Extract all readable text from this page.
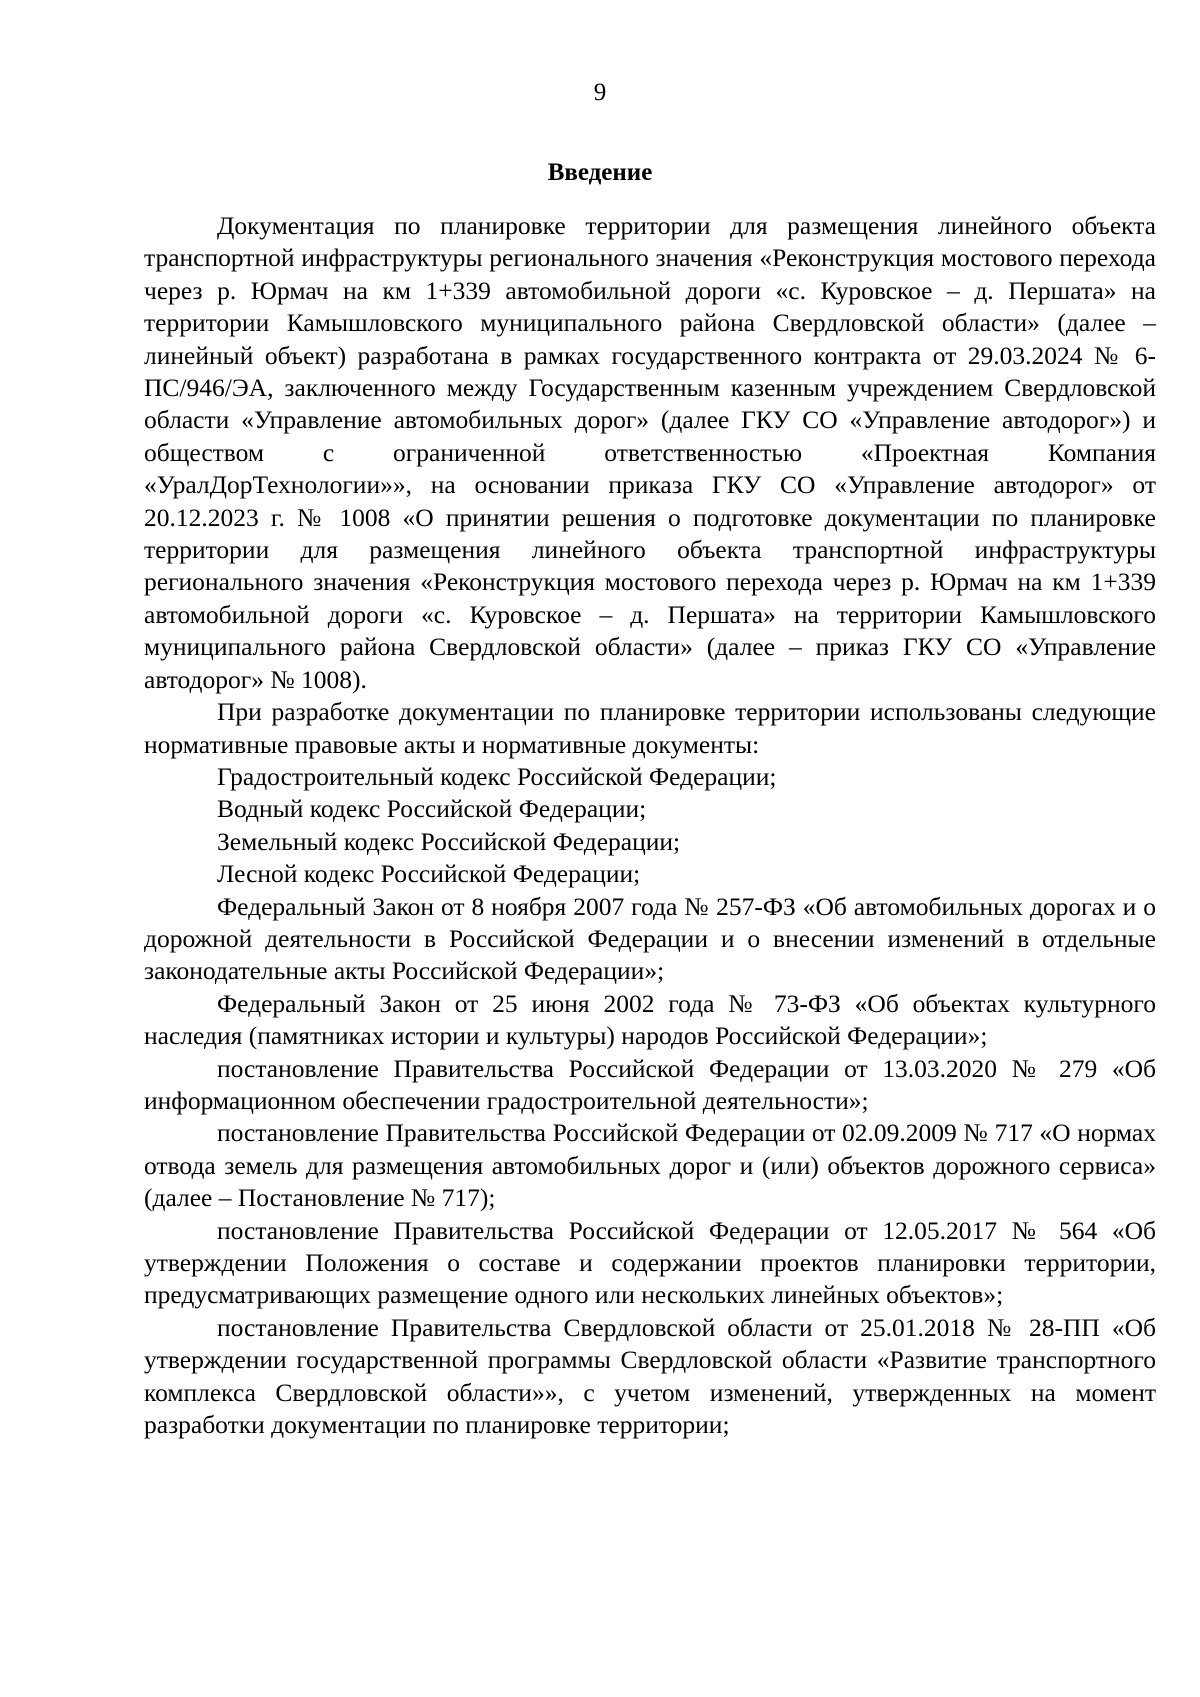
9
Введение

Документация по планировке территории для размещения линейного объекта транспортной инфраструктуры регионального значения «Реконструкция мостового перехода через р. Юрмач на км 1+339 автомобильной дороги «с. Куровское – д. Першата» на территории Камышловского муниципального района Свердловской области» (далее – линейный объект) разработана в рамках государственного контракта от 29.03.2024 № 6-ПС/946/ЭА, заключенного между Государственным казенным учреждением Свердловской области «Управление автомобильных дорог» (далее ГКУ СО «Управление автодорог») и обществом с ограниченной ответственностью «Проектная Компания «УралДорТехнологии»», на основании приказа ГКУ СО «Управление автодорог» от 20.12.2023 г. № 1008 «О принятии решения о подготовке документации по планировке территории для размещения линейного объекта транспортной инфраструктуры регионального значения «Реконструкция мостового перехода через р. Юрмач на км 1+339 автомобильной дороги «с. Куровское – д. Першата» на территории Камышловского муниципального района Свердловской области» (далее – приказ ГКУ СО «Управление автодорог» № 1008).

При разработке документации по планировке территории использованы следующие нормативные правовые акты и нормативные документы:

Градостроительный кодекс Российской Федерации;

Водный кодекс Российской Федерации;

Земельный кодекс Российской Федерации;

Лесной кодекс Российской Федерации;

Федеральный Закон от 8 ноября 2007 года № 257-ФЗ «Об автомобильных дорогах и о дорожной деятельности в Российской Федерации и о внесении изменений в отдельные законодательные акты Российской Федерации»;

Федеральный Закон от 25 июня 2002 года № 73-ФЗ «Об объектах культурного наследия (памятниках истории и культуры) народов Российской Федерации»;

постановление Правительства Российской Федерации от 13.03.2020 № 279 «Об информационном обеспечении градостроительной деятельности»;

постановление Правительства Российской Федерации от 02.09.2009 № 717 «О нормах отвода земель для размещения автомобильных дорог и (или) объектов дорожного сервиса» (далее – Постановление № 717);

постановление Правительства Российской Федерации от 12.05.2017 № 564 «Об утверждении Положения о составе и содержании проектов планировки территории, предусматривающих размещение одного или нескольких линейных объектов»;

постановление Правительства Свердловской области от 25.01.2018 № 28-ПП «Об утверждении государственной программы Свердловской области «Развитие транспортного комплекса Свердловской области»», с учетом изменений, утвержденных на момент разработки документации по планировке территории;
